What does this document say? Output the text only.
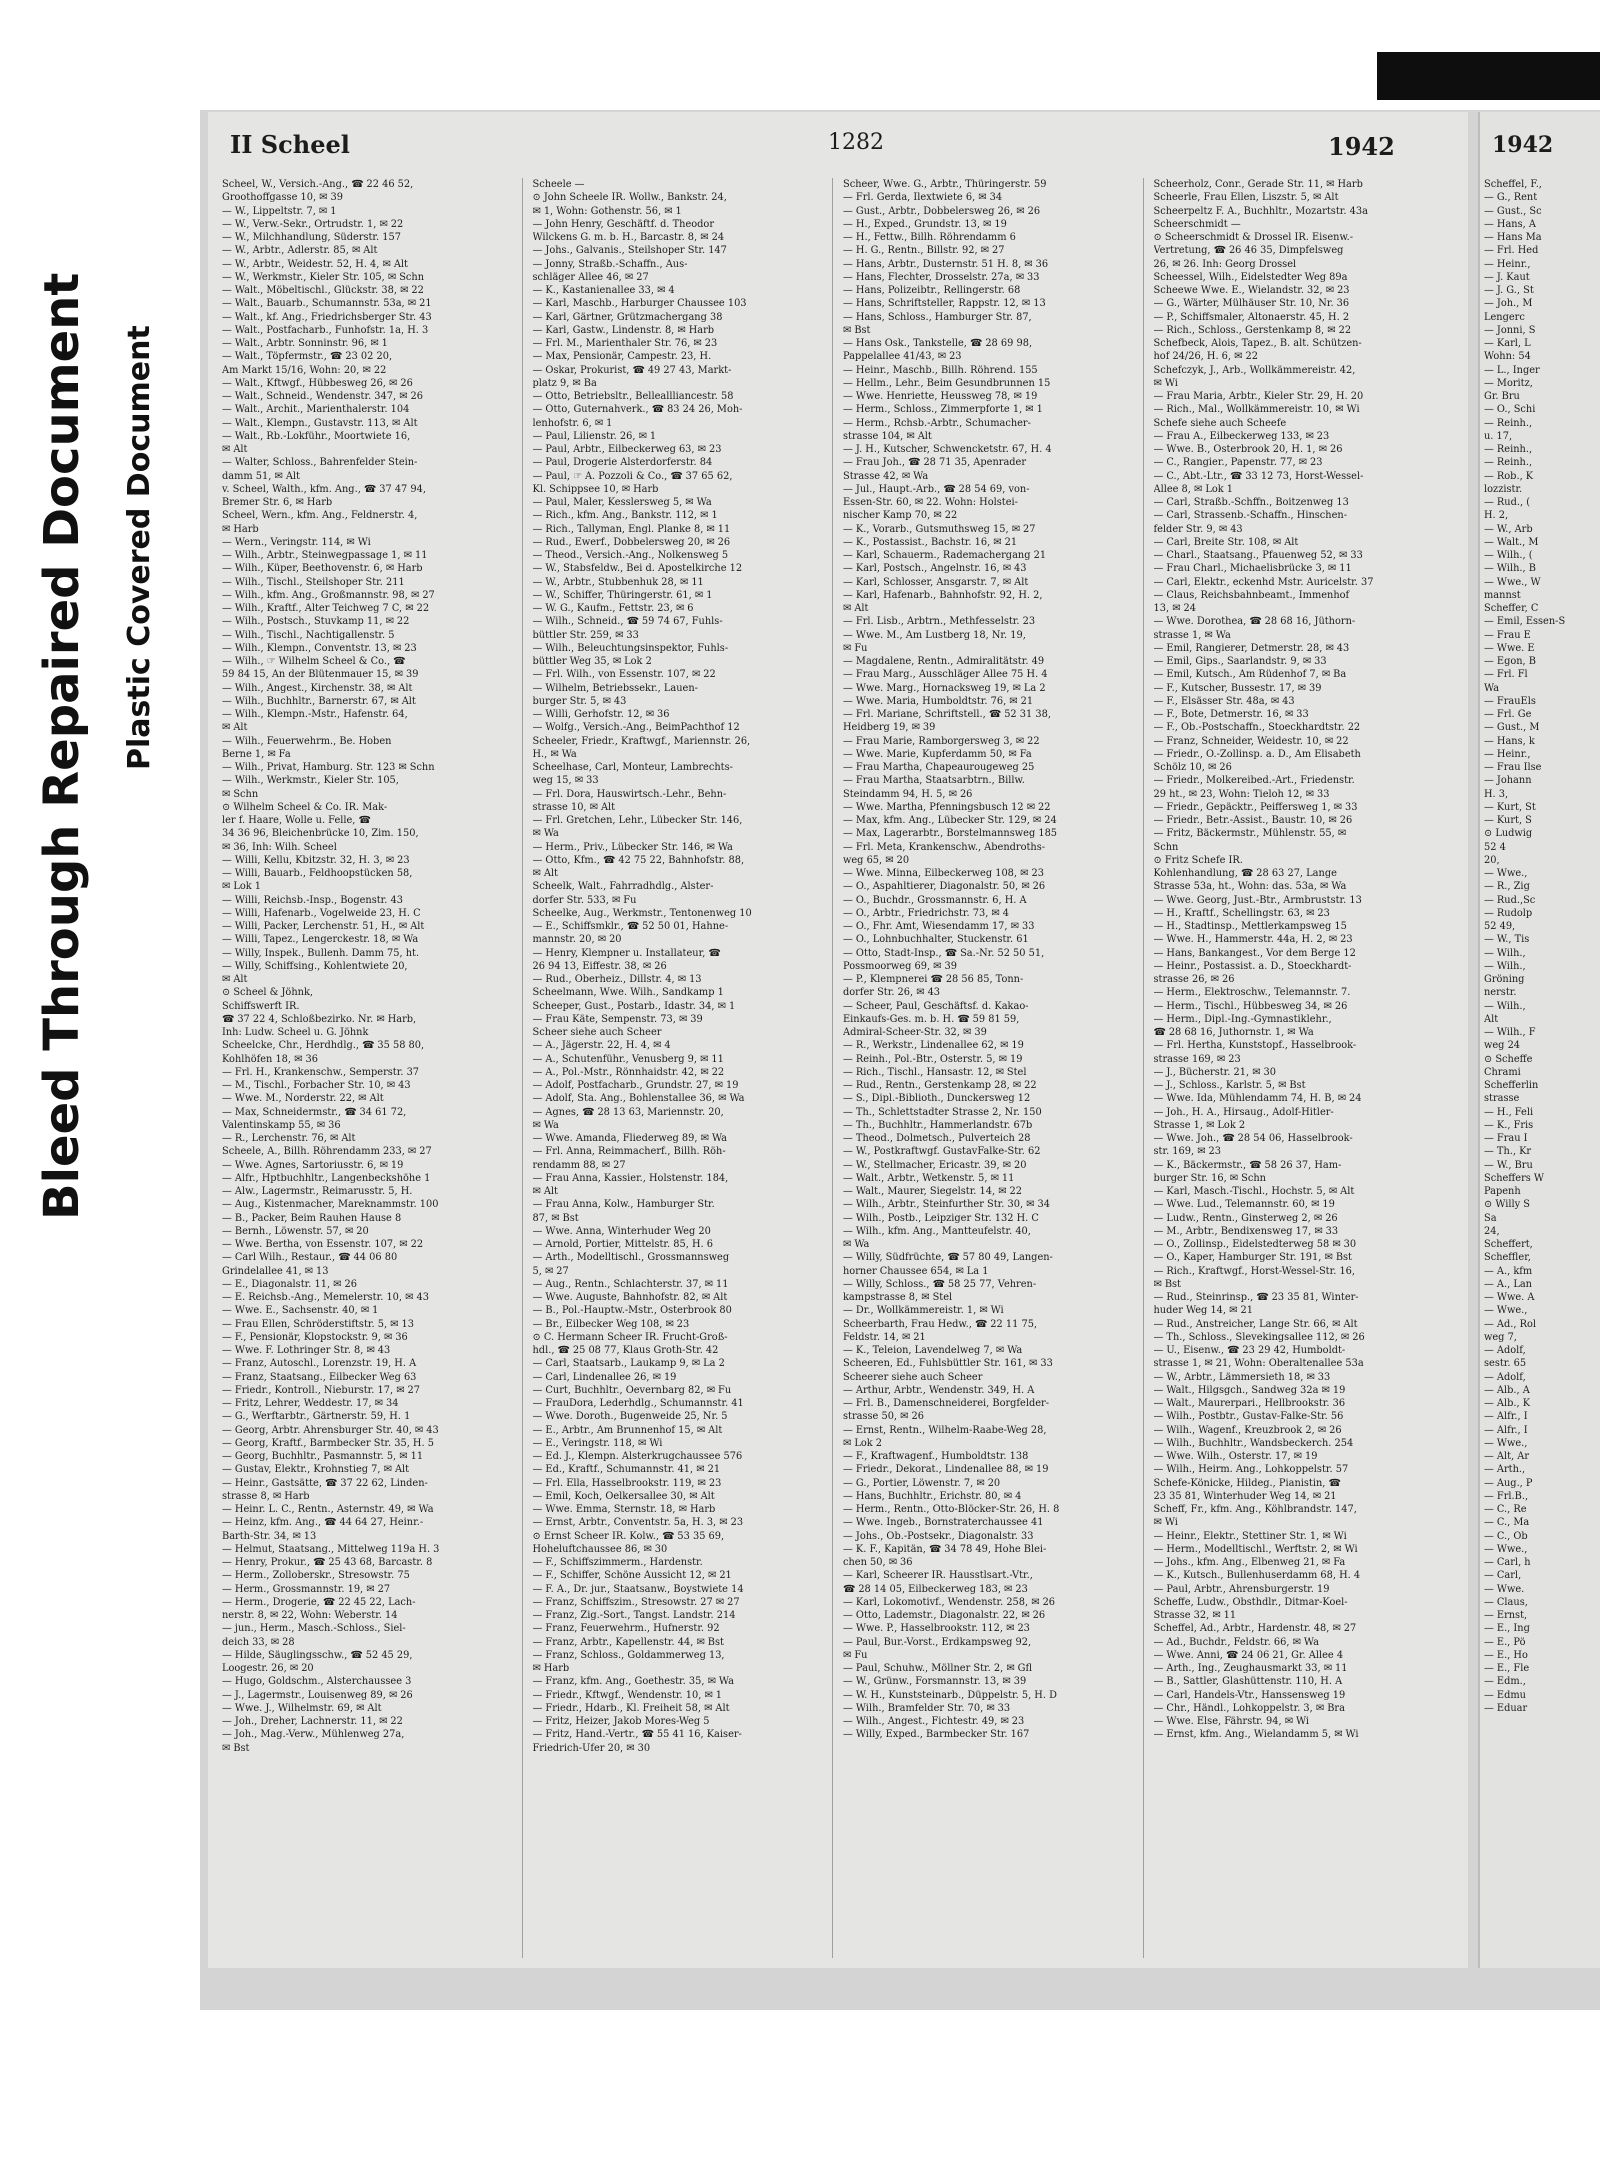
Bleed Through Repaired Document Plastic Covered Document
II Scheel	1282	1942
Scheel, W., Versich.-Ang., ☎ 22 46 52,
Groothoffgasse 10, ✉ 39
— W., Lippeltstr. 7, ✉ 1
— W., Verw.-Sekr., Ortrudstr. 1, ✉ 22
— W., Milchhandlung, Süderstr. 157
— W., Arbtr., Adlerstr. 85, ✉ Alt
— W., Arbtr., Weidestr. 52, H. 4, ✉ Alt
— W., Werkmstr., Kieler Str. 105, ✉ Schn
— Walt., Möbeltischl., Glückstr. 38, ✉ 22
— Walt., Bauarb., Schumannstr. 53a, ✉ 21
— Walt., kf. Ang., Friedrichsberger Str. 43
— Walt., Postfacharb., Funhofstr. 1a, H. 3
— Walt., Arbtr. Sonninstr. 96, ✉ 1
— Walt., Töpfermstr., ☎ 23 02 20,
Am Markt 15/16, Wohn: 20, ✉ 22
— Walt., Kftwgf., Hübbesweg 26, ✉ 26
— Walt., Schneid., Wendenstr. 347, ✉ 26
— Walt., Archit., Marienthalerstr. 104
— Walt., Klempn., Gustavstr. 113, ✉ Alt
— Walt., Rb.-Lokführ., Moortwiete 16,
✉ Alt
— Walter, Schloss., Bahrenfelder Stein-
damm 51, ✉ Alt
v. Scheel, Walth., kfm. Ang., ☎ 37 47 94,
Bremer Str. 6, ✉ Harb
Scheel, Wern., kfm. Ang., Feldnerstr. 4,
✉ Harb
— Wern., Veringstr. 114, ✉ Wi
— Wilh., Arbtr., Steinwegpassage 1, ✉ 11
— Wilh., Küper, Beethovenstr. 6, ✉ Harb
— Wilh., Tischl., Steilshoper Str. 211
— Wilh., kfm. Ang., Großmannstr. 98, ✉ 27
— Wilh., Kraftf., Alter Teichweg 7 C, ✉ 22
— Wilh., Postsch., Stuvkamp 11, ✉ 22
— Wilh., Tischl., Nachtigallenstr. 5
— Wilh., Klempn., Conventstr. 13, ✉ 23
— Wilh., ☞ Wilhelm Scheel & Co., ☎
59 84 15, An der Blütenmauer 15, ✉ 39
— Wilh., Angest., Kirchenstr. 38, ✉ Alt
— Wilh., Buchhltr., Barnerstr. 67, ✉ Alt
— Wilh., Klempn.-Mstr., Hafenstr. 64,
✉ Alt
— Wilh., Feuerwehrm., Be. Hoben
Berne 1, ✉ Fa
— Wilh., Privat, Hamburg. Str. 123 ✉ Schn
— Wilh., Werkmstr., Kieler Str. 105,
✉ Schn
⊙ Wilhelm Scheel & Co. IR. Mak-
ler f. Haare, Wolle u. Felle, ☎
34 36 96, Bleichenbrücke 10, Zim. 150,
✉ 36, Inh: Wilh. Scheel
— Willi, Kellu, Kbitzstr. 32, H. 3, ✉ 23
— Willi, Bauarb., Feldhoopstücken 58,
✉ Lok 1
— Willi, Reichsb.-Insp., Bogenstr. 43
— Willi, Hafenarb., Vogelweide 23, H. C
— Willi, Packer, Lerchenstr. 51, H., ✉ Alt
— Willi, Tapez., Lengerckestr. 18, ✉ Wa
— Willy, Inspek., Bullenh. Damm 75, ht.
— Willy, Schiffsing., Kohlentwiete 20,
✉ Alt
⊙ Scheel & Jöhnk,
Schiffswerft IR.
☎ 37 22 4, Schloßbezirko. Nr. ✉ Harb,
Inh: Ludw. Scheel u. G. Jöhnk
Scheelcke, Chr., Herdhdlg., ☎ 35 58 80,
Kohlhöfen 18, ✉ 36
— Frl. H., Krankenschw., Semperstr. 37
— M., Tischl., Forbacher Str. 10, ✉ 43
— Wwe. M., Norderstr. 22, ✉ Alt
— Max, Schneidermstr., ☎ 34 61 72,
Valentinskamp 55, ✉ 36
— R., Lerchenstr. 76, ✉ Alt
Scheele, A., Billh. Röhrendamm 233, ✉ 27
— Wwe. Agnes, Sartoriusstr. 6, ✉ 19
— Alfr., Hptbuchhltr., Langenbeckshöhe 1
— Alw., Lagermstr., Reimarusstr. 5, H.
— Aug., Kistenmacher, Mareknammstr. 100
— B., Packer, Beim Rauhen Hause 8
— Bernh., Löwenstr. 57, ✉ 20
— Wwe. Bertha, von Essenstr. 107, ✉ 22
— Carl Wilh., Restaur., ☎ 44 06 80
Grindelallee 41, ✉ 13
— E., Diagonalstr. 11, ✉ 26
— E. Reichsb.-Ang., Memelerstr. 10, ✉ 43
— Wwe. E., Sachsenstr. 40, ✉ 1
— Frau Ellen, Schröderstiftstr. 5, ✉ 13
— F., Pensionär, Klopstockstr. 9, ✉ 36
— Wwe. F. Lothringer Str. 8, ✉ 43
— Franz, Autoschl., Lorenzstr. 19, H. A
— Franz, Staatsang., Eilbecker Weg 63
— Friedr., Kontroll., Nieburstr. 17, ✉ 27
— Fritz, Lehrer, Weddestr. 17, ✉ 34
— G., Werftarbtr., Gärtnerstr. 59, H. 1
— Georg, Arbtr. Ahrensburger Str. 40, ✉ 43
— Georg, Kraftf., Barmbecker Str. 35, H. 5
— Georg, Buchhltr., Pasmannstr. 5, ✉ 11
— Gustav, Elektr., Krohnstieg 7, ✉ Alt
— Heinr., Gastsätte, ☎ 37 22 62, Linden-
strasse 8, ✉ Harb
— Heinr. L. C., Rentn., Asternstr. 49, ✉ Wa
— Heinz, kfm. Ang., ☎ 44 64 27, Heinr.-
Barth-Str. 34, ✉ 13
— Helmut, Staatsang., Mittelweg 119a H. 3
— Henry, Prokur., ☎ 25 43 68, Barcastr. 8
— Herm., Zolloberskr., Stresowstr. 75
— Herm., Grossmannstr. 19, ✉ 27
— Herm., Drogerie, ☎ 22 45 22, Lach-
nerstr. 8, ✉ 22, Wohn: Weberstr. 14
— jun., Herm., Masch.-Schloss., Siel-
deich 33, ✉ 28
— Hilde, Säuglingsschw., ☎ 52 45 29,
Loogestr. 26, ✉ 20
— Hugo, Goldschm., Alsterchaussee 3
— J., Lagermstr., Louisenweg 89, ✉ 26
— Wwe. J., Wilhelmstr. 69, ✉ Alt
— Joh., Dreher, Lachnerstr. 11, ✉ 22
— Joh., Mag.-Verw., Mühlenweg 27a,
✉ Bst
Scheele —
⊙ John Scheele IR. Wollw., Bankstr. 24,
✉ 1, Wohn: Gothenstr. 56, ✉ 1
— John Henry, Geschäftf. d. Theodor
Wilckens G. m. b. H., Barcastr. 8, ✉ 24
— Johs., Galvanis., Steilshoper Str. 147
— Jonny, Straßb.-Schaffn., Aus-
schläger Allee 46, ✉ 27
— K., Kastanienallee 33, ✉ 4
— Karl, Maschb., Harburger Chaussee 103
— Karl, Gärtner, Grützmachergang 38
— Karl, Gastw., Lindenstr. 8, ✉ Harb
— Frl. M., Marienthaler Str. 76, ✉ 23
— Max, Pensionär, Campestr. 23, H.
— Oskar, Prokurist, ☎ 49 27 43, Markt-
platz 9, ✉ Ba
— Otto, Betriebsltr., Belleallliancestr. 58
— Otto, Guternahverk., ☎ 83 24 26, Moh-
lenhofstr. 6, ✉ 1
— Paul, Lilienstr. 26, ✉ 1
— Paul, Arbtr., Eilbeckerweg 63, ✉ 23
— Paul, Drogerie Alsterdorferstr. 84
— Paul, ☞ A. Pozzoli & Co., ☎ 37 65 62,
Kl. Schippsee 10, ✉ Harb
— Paul, Maler, Kesslersweg 5, ✉ Wa
— Rich., kfm. Ang., Bankstr. 112, ✉ 1
— Rich., Tallyman, Engl. Planke 8, ✉ 11
— Rud., Ewerf., Dobbelersweg 20, ✉ 26
— Theod., Versich.-Ang., Nolkensweg 5
— W., Stabsfeldw., Bei d. Apostelkirche 12
— W., Arbtr., Stubbenhuk 28, ✉ 11
— W., Schiffer, Thüringerstr. 61, ✉ 1
— W. G., Kaufm., Fettstr. 23, ✉ 6
— Wilh., Schneid., ☎ 59 74 67, Fuhls-
büttler Str. 259, ✉ 33
— Wilh., Beleuchtungsinspektor, Fuhls-
büttler Weg 35, ✉ Lok 2
— Frl. Wilh., von Essenstr. 107, ✉ 22
— Wilhelm, Betriebssekr., Lauen-
burger Str. 5, ✉ 43
— Willi, Gerhofstr. 12, ✉ 36
— Wolfg., Versich.-Ang., BeimPachthof 12
Scheeler, Friedr., Kraftwgf., Mariennstr. 26,
H., ✉ Wa
Scheelhase, Carl, Monteur, Lambrechts-
weg 15, ✉ 33
— Frl. Dora, Hauswirtsch.-Lehr., Behn-
strasse 10, ✉ Alt
— Frl. Gretchen, Lehr., Lübecker Str. 146,
✉ Wa
— Herm., Priv., Lübecker Str. 146, ✉ Wa
— Otto, Kfm., ☎ 42 75 22, Bahnhofstr. 88,
✉ Alt
Scheelk, Walt., Fahrradhdlg., Alster-
dorfer Str. 533, ✉ Fu
Scheelke, Aug., Werkmstr., Tentonenweg 10
— E., Schiffsmklr., ☎ 52 50 01, Hahne-
mannstr. 20, ✉ 20
— Henry, Klempner u. Installateur, ☎
26 94 13, Eiffestr. 38, ✉ 26
— Rud., Oberheiz., Dillstr. 4, ✉ 13
Scheelmann, Wwe. Wilh., Sandkamp 1
Scheeper, Gust., Postarb., Idastr. 34, ✉ 1
— Frau Käte, Sempenstr. 73, ✉ 39
Scheer siehe auch Scheer
— A., Jägerstr. 22, H. 4, ✉ 4
— A., Schutenführ., Venusberg 9, ✉ 11
— A., Pol.-Mstr., Rönnhaidstr. 42, ✉ 22
— Adolf, Postfacharb., Grundstr. 27, ✉ 19
— Adolf, Sta. Ang., Bohlenstallee 36, ✉ Wa
— Agnes, ☎ 28 13 63, Mariennstr. 20,
✉ Wa
— Wwe. Amanda, Fliederweg 89, ✉ Wa
— Frl. Anna, Reimmacherf., Billh. Röh-
rendamm 88, ✉ 27
— Frau Anna, Kassier., Holstenstr. 184,
✉ Alt
— Frau Anna, Kolw., Hamburger Str.
87, ✉ Bst
— Wwe. Anna, Winterhuder Weg 20
— Arnold, Portier, Mittelstr. 85, H. 6
— Arth., Modelltischl., Grossmannsweg
5, ✉ 27
— Aug., Rentn., Schlachterstr. 37, ✉ 11
— Wwe. Auguste, Bahnhofstr. 82, ✉ Alt
— B., Pol.-Hauptw.-Mstr., Osterbrook 80
— Br., Eilbecker Weg 108, ✉ 23
⊙ C. Hermann Scheer IR. Frucht-Groß-
hdl., ☎ 25 08 77, Klaus Groth-Str. 42
— Carl, Staatsarb., Laukamp 9, ✉ La 2
— Carl, Lindenallee 26, ✉ 19
— Curt, Buchhltr., Oevernbarg 82, ✉ Fu
— FrauDora, Lederhdlg., Schumannstr. 41
— Wwe. Doroth., Bugenweide 25, Nr. 5
— E., Arbtr., Am Brunnenhof 15, ✉ Alt
— E., Veringstr. 118, ✉ Wi
— Ed. J., Klempn. Alsterkrugchaussee 576
— Ed., Kraftf., Schumannstr. 41, ✉ 21
— Frl. Ella, Hasselbrookstr. 119, ✉ 23
— Emil, Koch, Oelkersallee 30, ✉ Alt
— Wwe. Emma, Sternstr. 18, ✉ Harb
— Ernst, Arbtr., Conventstr. 5a, H. 3, ✉ 23
⊙ Ernst Scheer IR. Kolw., ☎ 53 35 69,
Hoheluftchaussee 86, ✉ 30
— F., Schiffszimmerm., Hardenstr.
— F., Schiffer, Schöne Aussicht 12, ✉ 21
— F. A., Dr. jur., Staatsanw., Boystwiete 14
— Franz, Schiffszim., Stresowstr. 27 ✉ 27
— Franz, Zig.-Sort., Tangst. Landstr. 214
— Franz, Feuerwehrm., Hufnerstr. 92
— Franz, Arbtr., Kapellenstr. 44, ✉ Bst
— Franz, Schloss., Goldammerweg 13,
✉ Harb
— Franz, kfm. Ang., Goethestr. 35, ✉ Wa
— Friedr., Kftwgf., Wendenstr. 10, ✉ 1
— Friedr., Hdarb., Kl. Freiheit 58, ✉ Alt
— Fritz, Heizer, Jakob Mores-Weg 5
— Fritz, Hand.-Vertr., ☎ 55 41 16, Kaiser-
Friedrich-Ufer 20, ✉ 30
Scheer, Wwe. G., Arbtr., Thüringerstr. 59
— Frl. Gerda, Ilextwiete 6, ✉ 34
— Gust., Arbtr., Dobbelersweg 26, ✉ 26
— H., Exped., Grundstr. 13, ✉ 19
— H., Fettw., Billh. Röhrendamm 6
— H. G., Rentn., Billstr. 92, ✉ 27
— Hans, Arbtr., Dusternstr. 51 H. 8, ✉ 36
— Hans, Flechter, Drosselstr. 27a, ✉ 33
— Hans, Polizeibtr., Rellingerstr. 68
— Hans, Schriftsteller, Rappstr. 12, ✉ 13
— Hans, Schloss., Hamburger Str. 87,
✉ Bst
— Hans Osk., Tankstelle, ☎ 28 69 98,
Pappelallee 41/43, ✉ 23
— Heinr., Maschb., Billh. Röhrend. 155
— Hellm., Lehr., Beim Gesundbrunnen 15
— Wwe. Henriette, Heussweg 78, ✉ 19
— Herm., Schloss., Zimmerpforte 1, ✉ 1
— Herm., Rchsb.-Arbtr., Schumacher-
strasse 104, ✉ Alt
— J. H., Kutscher, Schwencketstr. 67, H. 4
— Frau Joh., ☎ 28 71 35, Apenrader
Strasse 42, ✉ Wa
— Jul., Haupt.-Arb., ☎ 28 54 69, von-
Essen-Str. 60, ✉ 22. Wohn: Holstei-
nischer Kamp 70, ✉ 22
— K., Vorarb., Gutsmuthsweg 15, ✉ 27
— K., Postassist., Bachstr. 16, ✉ 21
— Karl, Schauerm., Rademachergang 21
— Karl, Postsch., Angelnstr. 16, ✉ 43
— Karl, Schlosser, Ansgarstr. 7, ✉ Alt
— Karl, Hafenarb., Bahnhofstr. 92, H. 2,
✉ Alt
— Frl. Lisb., Arbtrn., Methfesselstr. 23
— Wwe. M., Am Lustberg 18, Nr. 19,
✉ Fu
— Magdalene, Rentn., Admiralitätstr. 49
— Frau Marg., Ausschläger Allee 75 H. 4
— Wwe. Marg., Hornacksweg 19, ✉ La 2
— Wwe. Maria, Humboldtstr. 76, ✉ 21
— Frl. Mariane, Schriftstell., ☎ 52 31 38,
Heidberg 19, ✉ 39
— Frau Marie, Ramborgersweg 3, ✉ 22
— Wwe. Marie, Kupferdamm 50, ✉ Fa
— Frau Martha, Chapeaurougeweg 25
— Frau Martha, Staatsarbtrn., Billw.
Steindamm 94, H. 5, ✉ 26
— Wwe. Martha, Pfenningsbusch 12 ✉ 22
— Max, kfm. Ang., Lübecker Str. 129, ✉ 24
— Max, Lagerarbtr., Borstelmannsweg 185
— Frl. Meta, Krankenschw., Abendroths-
weg 65, ✉ 20
— Wwe. Minna, Eilbeckerweg 108, ✉ 23
— O., Aspahltierer, Diagonalstr. 50, ✉ 26
— O., Buchdr., Grossmannstr. 6, H. A
— O., Arbtr., Friedrichstr. 73, ✉ 4
— O., Fhr. Amt, Wiesendamm 17, ✉ 33
— O., Lohnbuchhalter, Stuckenstr. 61
— Otto, Stadt-Insp., ☎ Sa.-Nr. 52 50 51,
Possmoorweg 69, ✉ 39
— P., Klempnerei ☎ 28 56 85, Tonn-
dorfer Str. 26, ✉ 43
— Scheer, Paul, Geschäftsf. d. Kakao-
Einkaufs-Ges. m. b. H. ☎ 59 81 59,
Admiral-Scheer-Str. 32, ✉ 39
— R., Werkstr., Lindenallee 62, ✉ 19
— Reinh., Pol.-Btr., Osterstr. 5, ✉ 19
— Rich., Tischl., Hansastr. 12, ✉ Stel
— Rud., Rentn., Gerstenkamp 28, ✉ 22
— S., Dipl.-Biblioth., Dunckersweg 12
— Th., Schlettstadter Strasse 2, Nr. 150
— Th., Buchhltr., Hammerlandstr. 67b
— Theod., Dolmetsch., Pulverteich 28
— W., Postkraftwgf. GustavFalke-Str. 62
— W., Stellmacher, Ericastr. 39, ✉ 20
— Walt., Arbtr., Wetkenstr. 5, ✉ 11
— Walt., Maurer, Siegelstr. 14, ✉ 22
— Wilh., Arbtr., Steinfurther Str. 30, ✉ 34
— Wilh., Postb., Leipziger Str. 132 H. C
— Wilh., kfm. Ang., Mantteufelstr. 40,
✉ Wa
— Willy, Südfrüchte, ☎ 57 80 49, Langen-
horner Chaussee 654, ✉ La 1
— Willy, Schloss., ☎ 58 25 77, Vehren-
kampstrasse 8, ✉ Stel
— Dr., Wollkämmereistr. 1, ✉ Wi
Scheerbarth, Frau Hedw., ☎ 22 11 75,
Feldstr. 14, ✉ 21
— K., Teleion, Lavendelweg 7, ✉ Wa
Scheeren, Ed., Fuhlsbüttler Str. 161, ✉ 33
Scheerer siehe auch Scheer
— Arthur, Arbtr., Wendenstr. 349, H. A
— Frl. B., Damenschneiderei, Borgfelder-
strasse 50, ✉ 26
— Ernst, Rentn., Wilhelm-Raabe-Weg 28,
✉ Lok 2
— F., Kraftwagenf., Humboldtstr. 138
— Friedr., Dekorat., Lindenallee 88, ✉ 19
— G., Portier, Löwenstr. 7, ✉ 20
— Hans, Buchhltr., Erichstr. 80, ✉ 4
— Herm., Rentn., Otto-Blöcker-Str. 26, H. 8
— Wwe. Ingeb., Bornstraterchaussee 41
— Johs., Ob.-Postsekr., Diagonalstr. 33
— K. F., Kapitän, ☎ 34 78 49, Hohe Blei-
chen 50, ✉ 36
— Karl, Scheerer IR. Hausstlsart.-Vtr.,
☎ 28 14 05, Eilbeckerweg 183, ✉ 23
— Karl, Lokomotivf., Wendenstr. 258, ✉ 26
— Otto, Lademstr., Diagonalstr. 22, ✉ 26
— Wwe. P., Hasselbrookstr. 112, ✉ 23
— Paul, Bur.-Vorst., Erdkampsweg 92,
✉ Fu
— Paul, Schuhw., Möllner Str. 2, ✉ Gfl
— W., Grünw., Forsmannstr. 13, ✉ 39
— W. H., Kunststeinarb., Düppelstr. 5, H. D
— Wilh., Bramfelder Str. 70, ✉ 33
— Wilh., Angest., Fichtestr. 49, ✉ 23
— Willy, Exped., Barmbecker Str. 167
Scheerholz, Conr., Gerade Str. 11, ✉ Harb
Scheerle, Frau Ellen, Liszstr. 5, ✉ Alt
Scheerpeltz F. A., Buchhltr., Mozartstr. 43a
Scheerschmidt —
⊙ Scheerschmidt & Drossel IR. Eisenw.-
Vertretung, ☎ 26 46 35, Dimpfelsweg
26, ✉ 26. Inh: Georg Drossel
Scheessel, Wilh., Eidelstedter Weg 89a
Scheewe Wwe. E., Wielandstr. 32, ✉ 23
— G., Wärter, Mülhäuser Str. 10, Nr. 36
— P., Schiffsmaler, Altonaerstr. 45, H. 2
— Rich., Schloss., Gerstenkamp 8, ✉ 22
Schefbeck, Alois, Tapez., B. alt. Schützen-
hof 24/26, H. 6, ✉ 22
Schefczyk, J., Arb., Wollkämmereistr. 42,
✉ Wi
— Frau Maria, Arbtr., Kieler Str. 29, H. 20
— Rich., Mal., Wollkämmereistr. 10, ✉ Wi
Schefe siehe auch Scheefe
— Frau A., Eilbeckerweg 133, ✉ 23
— Wwe. B., Osterbrook 20, H. 1, ✉ 26
— C., Rangier., Papenstr. 77, ✉ 23
— C., Abt.-Ltr., ☎ 33 12 73, Horst-Wessel-
Allee 8, ✉ Lok 1
— Carl, Straßb.-Schffn., Boitzenweg 13
— Carl, Strassenb.-Schaffn., Hinschen-
felder Str. 9, ✉ 43
— Carl, Breite Str. 108, ✉ Alt
— Charl., Staatsang., Pfauenweg 52, ✉ 33
— Frau Charl., Michaelisbrücke 3, ✉ 11
— Carl, Elektr., eckenhd Mstr. Auricelstr. 37
— Claus, Reichsbahnbeamt., Immenhof
13, ✉ 24
— Wwe. Dorothea, ☎ 28 68 16, Jüthorn-
strasse 1, ✉ Wa
— Emil, Rangierer, Detmerstr. 28, ✉ 43
— Emil, Gips., Saarlandstr. 9, ✉ 33
— Emil, Kutsch., Am Rüdenhof 7, ✉ Ba
— F., Kutscher, Bussestr. 17, ✉ 39
— F., Elsässer Str. 48a, ✉ 43
— F., Bote, Detmerstr. 16, ✉ 33
— F., Ob.-Postschaffn., Stoeckhardtstr. 22
— Franz, Schneider, Weidestr. 10, ✉ 22
— Friedr., O.-Zollinsp. a. D., Am Elisabeth
Schölz 10, ✉ 26
— Friedr., Molkereibed.-Art., Friedenstr.
29 ht., ✉ 23, Wohn: Tieloh 12, ✉ 33
— Friedr., Gepäcktr., Peiffersweg 1, ✉ 33
— Friedr., Betr.-Assist., Baustr. 10, ✉ 26
— Fritz, Bäckermstr., Mühlenstr. 55, ✉
Schn
⊙ Fritz Schefe IR.
Kohlenhandlung, ☎ 28 63 27, Lange
Strasse 53a, ht., Wohn: das. 53a, ✉ Wa
— Wwe. Georg, Just.-Btr., Armbruststr. 13
— H., Kraftf., Schellingstr. 63, ✉ 23
— H., Stadtinsp., Mettlerkampsweg 15
— Wwe. H., Hammerstr. 44a, H. 2, ✉ 23
— Hans, Bankangest., Vor dem Berge 12
— Heinr., Postassist. a. D., Stoeckhardt-
strasse 26, ✉ 26
— Herm., Elektroschw., Telemannstr. 7.
— Herm., Tischl., Hübbesweg 34, ✉ 26
— Herm., Dipl.-Ing.-Gymnastiklehr.,
☎ 28 68 16, Juthornstr. 1, ✉ Wa
— Frl. Hertha, Kunststopf., Hasselbrook-
strasse 169, ✉ 23
— J., Bücherstr. 21, ✉ 30
— J., Schloss., Karlstr. 5, ✉ Bst
— Wwe. Ida, Mühlendamm 74, H. B, ✉ 24
— Joh., H. A., Hirsaug., Adolf-Hitler-
Strasse 1, ✉ Lok 2
— Wwe. Joh., ☎ 28 54 06, Hasselbrook-
str. 169, ✉ 23
— K., Bäckermstr., ☎ 58 26 37, Ham-
burger Str. 16, ✉ Schn
— Karl, Masch.-Tischl., Hochstr. 5, ✉ Alt
— Wwe. Lud., Telemannstr. 60, ✉ 19
— Ludw., Rentn., Ginsterweg 2, ✉ 26
— M., Arbtr., Bendixensweg 17, ✉ 33
— O., Zollinsp., Eidelstedterweg 58 ✉ 30
— O., Kaper, Hamburger Str. 191, ✉ Bst
— Rich., Kraftwgf., Horst-Wessel-Str. 16,
✉ Bst
— Rud., Steinrinsp., ☎ 23 35 81, Winter-
huder Weg 14, ✉ 21
— Rud., Anstreicher, Lange Str. 66, ✉ Alt
— Th., Schloss., Slevekingsallee 112, ✉ 26
— U., Eisenw., ☎ 23 29 42, Humboldt-
strasse 1, ✉ 21, Wohn: Oberaltenallee 53a
— W., Arbtr., Lämmersieth 18, ✉ 33
— Walt., Hilgsgch., Sandweg 32a ✉ 19
— Walt., Maurerpari., Hellbrookstr. 36
— Wilh., Postbtr., Gustav-Falke-Str. 56
— Wilh., Wagenf., Kreuzbrook 2, ✉ 26
— Wilh., Buchhltr., Wandsbeckerch. 254
— Wwe. Wilh., Osterstr. 17, ✉ 19
— Wilh., Heirm. Ang., Lohkoppelstr. 57
Schefe-Könicke, Hildeg., Pianistin, ☎
23 35 81, Winterhuder Weg 14, ✉ 21
Scheff, Fr., kfm. Ang., Köhlbrandstr. 147,
✉ Wi
— Heinr., Elektr., Stettiner Str. 1, ✉ Wi
— Herm., Modelltischl., Werftstr. 2, ✉ Wi
— Johs., kfm. Ang., Elbenweg 21, ✉ Fa
— K., Kutsch., Bullenhuserdamm 68, H. 4
— Paul, Arbtr., Ahrensburgerstr. 19
Scheffe, Ludw., Obsthdlr., Ditmar-Koel-
Strasse 32, ✉ 11
Scheffel, Ad., Arbtr., Hardenstr. 48, ✉ 27
— Ad., Buchdr., Feldstr. 66, ✉ Wa
— Wwe. Anni, ☎ 24 06 21, Gr. Allee 4
— Arth., Ing., Zeughausmarkt 33, ✉ 11
— B., Sattler, Glashüttenstr. 110, H. A
— Carl, Handels-Vtr., Hanssensweg 19
— Chr., Händl., Lohkoppelstr. 3, ✉ Bra
— Wwe. Else, Fährstr. 94, ✉ Wi
— Ernst, kfm. Ang., Wielandamm 5, ✉ Wi
1942
Scheffel, F.,
— G., Rent
— Gust., Sc
— Hans, A
— Hans Ma
— Frl. Hed
— Heinr.,
— J. Kaut
— J. G., St
— Joh., M
Lengerc
— Jonni, S
— Karl, L
Wohn: 54
— L., Inger
— Moritz,
Gr. Bru
— O., Schi
— Reinh.,
u. 17,
— Reinh.,
— Reinh.,
— Rob., K
lozzistr.
— Rud., (
H. 2,
— W., Arb
— Walt., M
— Wilh., (
— Wilh., B
— Wwe., W
mannst
Scheffer, C
— Emil, Essen-S
— Frau E
— Wwe. E
— Egon, B
— Frl. Fl
Wa
— FrauEls
— Frl. Ge
— Gust., M
— Hans, k
— Heinr.,
— Frau Ilse
— Johann
H. 3,
— Kurt, St
— Kurt, S
⊙ Ludwig
52 4
20,
— Wwe.,
— R., Zig
— Rud.,Sc
— Rudolp
52 49,
— W., Tis
— Wilh.,
— Wilh.,
Gröning
nerstr.
— Wilh.,
Alt
— Wilh., F
weg 24
⊙ Scheffe
Chrami
Schefferlin
strasse
— H., Feli
— K., Fris
— Frau I
— Th., Kr
— W., Bru
Scheffers W
Papenh
⊙ Willy S
Sa
24,
Scheffert,
Scheffler,
— A., kfm
— A., Lan
— Wwe. A
— Wwe.,
— Ad., Rol
weg 7,
— Adolf,
sestr. 65
— Adolf,
— Alb., A
— Alb., K
— Alfr., I
— Alfr., I
— Wwe.,
— Alt, Ar
— Arth.,
— Aug., P
— Frl.B.,
— C., Re
— C., Ma
— C., Ob
— Wwe.,
— Carl, h
— Carl,
— Wwe.
— Claus,
— Ernst,
— E., Ing
— E., Pö
— E., Ho
— E., Fle
— Edm.,
— Edmu
— Eduar
